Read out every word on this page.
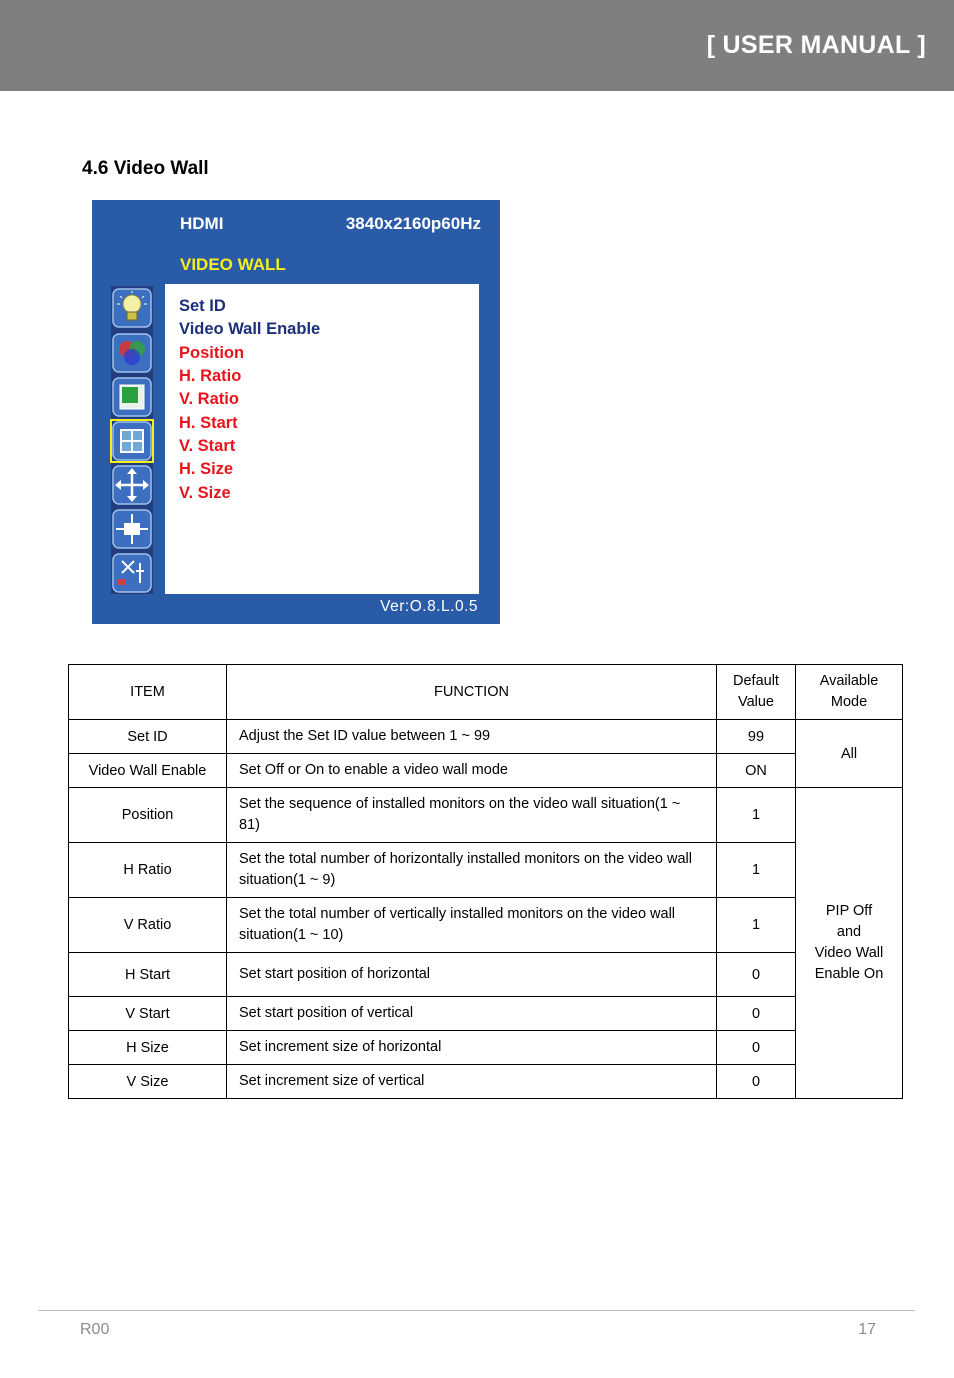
[ USER MANUAL ]
4.6 Video Wall
HDMI	3840x2160p60Hz
VIDEO WALL
Set ID
Video Wall Enable
Position
H. Ratio
V. Ratio
H. Start
V. Start
H. Size
V. Size
Ver:O.8.L.0.5
ITEM	FUNCTION	Default Value	Available Mode
Set ID	Adjust the Set ID value between 1 ~ 99	99	All
Video Wall Enable	Set Off or On to enable a video wall mode	ON	
Position	Set the sequence of installed monitors on the video wall situation(1 ~ 81)	1	PIP Off
and
Video Wall
Enable On

H Ratio	Set the total number of horizontally installed monitors on the video wall situation(1 ~ 9)	1	
V Ratio	Set the total number of vertically installed monitors on the video wall situation(1 ~ 10)	1	
H Start	Set start position of horizontal	0	
V Start	Set start position of vertical	0	
H Size	Set increment size of horizontal	0	
V Size	Set increment size of vertical	0	
R00	17
